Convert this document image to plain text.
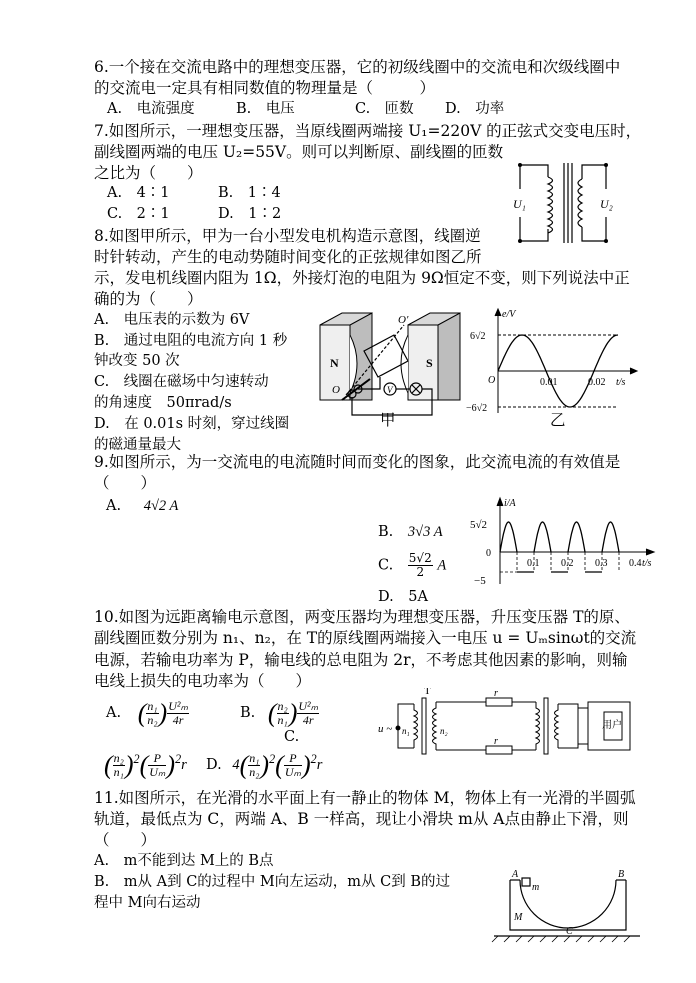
6.一个接在交流电路中的理想变压器，它的初级线圈中的交流电和次级线圈中
的交流电一定具有相同数值的物理量是（　　　）
A.　电流强度	B.　电压	C.　匝数 D.　功率
7.如图所示，一理想变压器，当原线圈两端接 U₁=220V 的正弦式交变电压时，
副线圈两端的电压 U₂=55V。则可以判断原、副线圈的匝数
之比为（　　）
A.　4∶1	B.　1∶4
C.　2∶1	D.　1∶2
U₁	U₂
8.如图甲所示，甲为一台小型发电机构造示意图，线圈逆
时针转动，产生的电动势随时间变化的正弦规律如图乙所
示，发电机线圈内阻为 1Ω，外接灯泡的电阻为 9Ω恒定不变，则下列说法中正
确的为（　　）
A.　电压表的示数为 6V
B.　通过电阻的电流方向 1 秒
钟改变 50 次
C.　线圈在磁场中匀速转动
的角速度　50πrad/s
D.　在 0.01s 时刻，穿过线圈
的磁通量最大
N	S
V
O
O′
甲
e/V
t/s
6√2
−6√2
O	0.01	0.02
乙
9.如图所示，为一交流电的电流随时间而变化的图象，此交流电流的有效值是
（　　）
A. 4√2 A
B. 3√3 A
C. $\frac{5√2}{2}$ A
D.　5A
i/A
t/s
5√2
−5
0
0.1 0.2 0.3 0.4
10.如图为远距离输电示意图，两变压器均为理想变压器，升压变压器 T的原、
副线圈匝数分别为 n₁、n₂，在 T的原线圈两端接入一电压 u = Uₘsinωt的交流
电源，若输电功率为 P，输电线的总电阻为 2r，不考虑其他因素的影响，则输
电线上损失的电功率为（　　）
A. ( $\frac{\text{n₁}}{\text{n₂}}$ ) $\frac{\text{U²ₘ}}{4r}$	B. ( $\frac{\text{n₂}}{\text{n₁}}$ ) $\frac{\text{U²ₘ}}{4r}$
C.
( $\frac{\text{n₂}}{\text{n₁}} )^2( \frac{P}{\text{Uₘ}} )^2r$ D. $4( \frac{\text{n₁}}{\text{n₂}} )^2( \frac{P}{\text{Uₘ}} )^2r$
T
u ~ n₁	n₂
r
r
用户
11.如图所示，在光滑的水平面上有一静止的物体 M，物体上有一光滑的半圆弧
轨道，最低点为 C，两端 A、B 一样高，现让小滑块 m从 A点由静止下滑，则
（　　）
A.　m不能到达 M上的 B点
B.　m从 A到 C的过程中 M向左运动，m从 C到 B的过
程中 M向右运动
A
m
B
C
M
